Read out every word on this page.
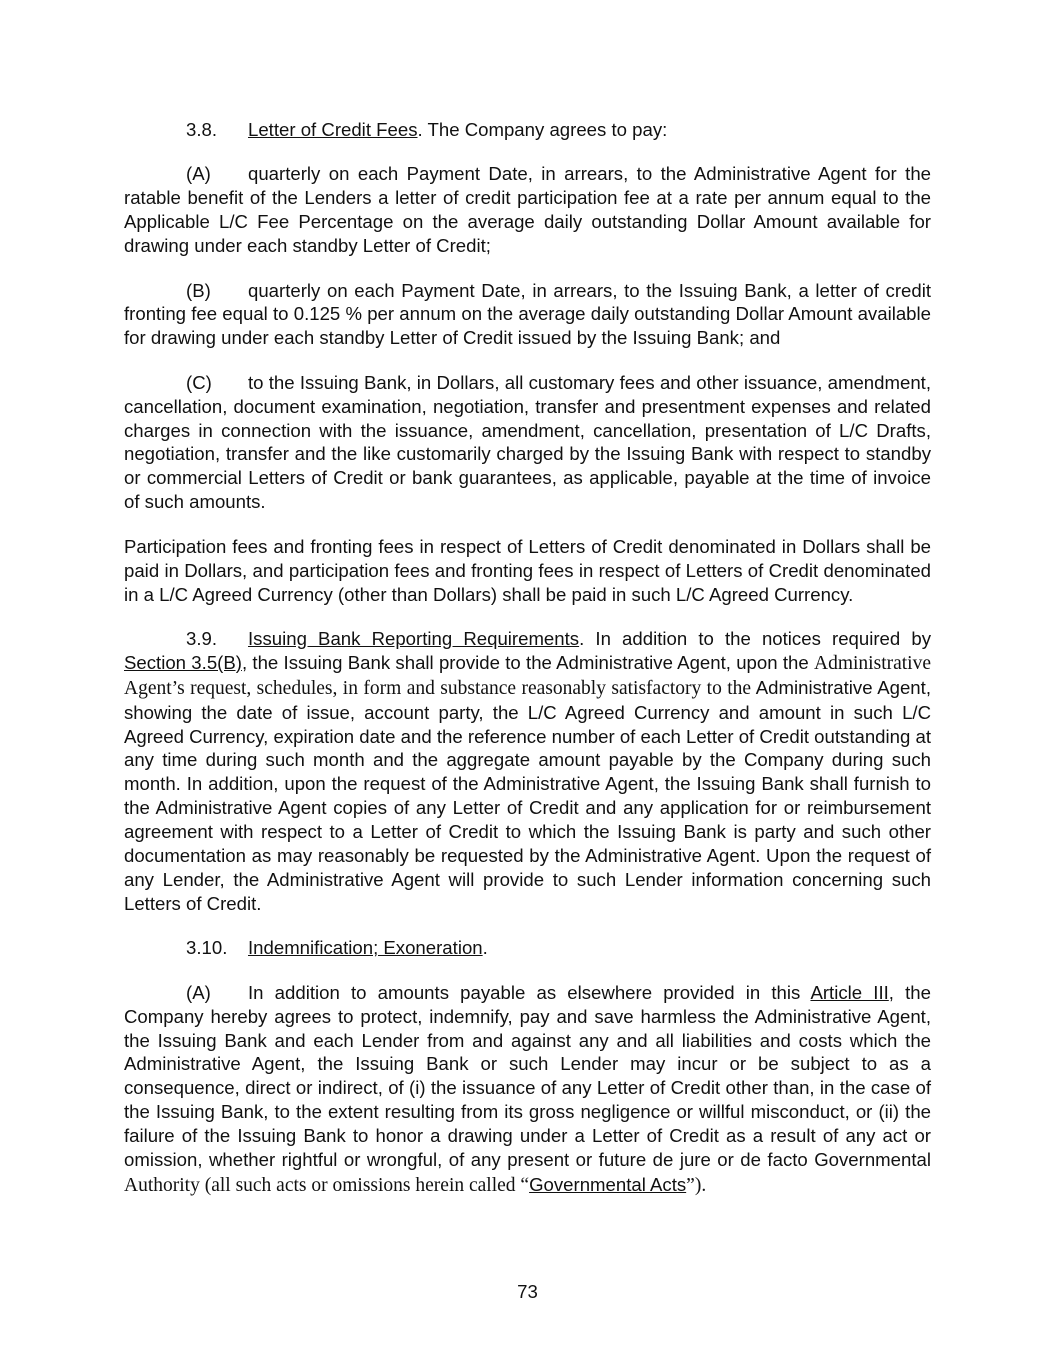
3.8. Letter of Credit Fees. The Company agrees to pay:

(A) quarterly on each Payment Date, in arrears, to the Administrative Agent for the ratable benefit of the Lenders a letter of credit participation fee at a rate per annum equal to the Applicable L/C Fee Percentage on the average daily outstanding Dollar Amount available for drawing under each standby Letter of Credit;

(B) quarterly on each Payment Date, in arrears, to the Issuing Bank, a letter of credit fronting fee equal to 0.125 % per annum on the average daily outstanding Dollar Amount available for drawing under each standby Letter of Credit issued by the Issuing Bank; and

(C) to the Issuing Bank, in Dollars, all customary fees and other issuance, amendment, cancellation, document examination, negotiation, transfer and presentment expenses and related charges in connection with the issuance, amendment, cancellation, presentation of L/C Drafts, negotiation, transfer and the like customarily charged by the Issuing Bank with respect to standby or commercial Letters of Credit or bank guarantees, as applicable, payable at the time of invoice of such amounts.

Participation fees and fronting fees in respect of Letters of Credit denominated in Dollars shall be paid in Dollars, and participation fees and fronting fees in respect of Letters of Credit denominated in a L/C Agreed Currency (other than Dollars) shall be paid in such L/C Agreed Currency.

3.9. Issuing Bank Reporting Requirements. In addition to the notices required by Section 3.5(B), the Issuing Bank shall provide to the Administrative Agent, upon the Administrative Agent’s request, schedules, in form and substance reasonably satisfactory to the Administrative Agent, showing the date of issue, account party, the L/C Agreed Currency and amount in such L/C Agreed Currency, expiration date and the reference number of each Letter of Credit outstanding at any time during such month and the aggregate amount payable by the Company during such month. In addition, upon the request of the Administrative Agent, the Issuing Bank shall furnish to the Administrative Agent copies of any Letter of Credit and any application for or reimbursement agreement with respect to a Letter of Credit to which the Issuing Bank is party and such other documentation as may reasonably be requested by the Administrative Agent. Upon the request of any Lender, the Administrative Agent will provide to such Lender information concerning such Letters of Credit.

3.10. Indemnification; Exoneration.

(A) In addition to amounts payable as elsewhere provided in this Article III, the Company hereby agrees to protect, indemnify, pay and save harmless the Administrative Agent, the Issuing Bank and each Lender from and against any and all liabilities and costs which the Administrative Agent, the Issuing Bank or such Lender may incur or be subject to as a consequence, direct or indirect, of (i) the issuance of any Letter of Credit other than, in the case of the Issuing Bank, to the extent resulting from its gross negligence or willful misconduct, or (ii) the failure of the Issuing Bank to honor a drawing under a Letter of Credit as a result of any act or omission, whether rightful or wrongful, of any present or future de jure or de facto Governmental Authority (all such acts or omissions herein called “Governmental Acts”).

73
